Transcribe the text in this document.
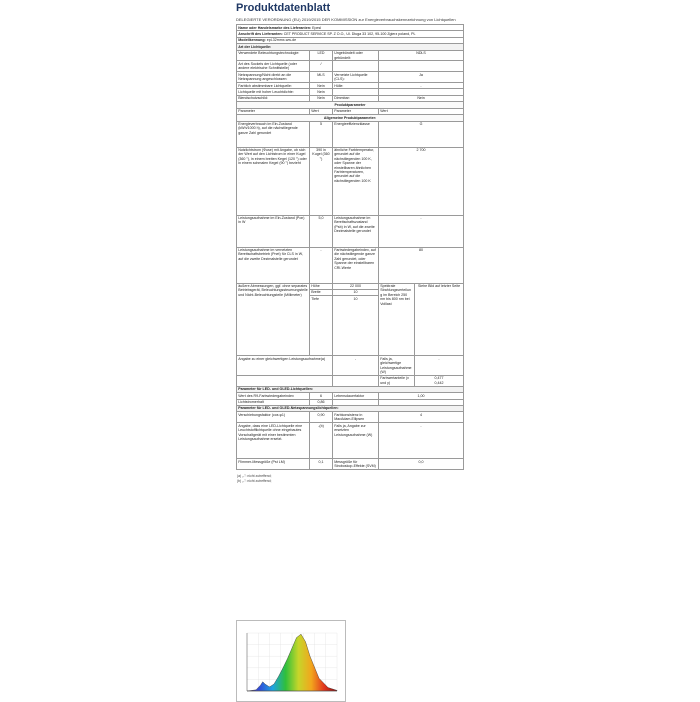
Produktdatenblatt
DELEGIERTE VERORDNUNG (EU) 2019/2015 DER KOMMISSION zur Energieverbrauchskennzeichnung von Lichtquellen
Name oder Handelsmarke des Lieferanten: Epesl				
Anschrift des Lieferanten: CET PRODUCT SERVICE SP. Z O.O., Ul. Dluga 33 102, 95-100 Zgierz poland, PL				
Modellkennung: epl-32mmx-ww-de				
Art der Lichtquelle:				
Verwendete Beleuchtungstechnologie:	LED	Ungebündelt oder gebündelt:	NDLS	
Art des Sockels der Lichtquelle (oder andere elektrische Schnittstelle)	/			
Netzspannung/Nicht direkt an die Netzspannung angeschlossen:	MLS	Vernetzte Lichtquelle (CLS):	Ja	
Farblich abstimmbare Lichtquelle:	Nein	Hülle:	-	
Lichtquelle mit hoher Leuchtdichte:	Nein			
Blendschutzschild:	Nein	Dimmbar:	Nein	
Produktparameter				
Parameter	Wert	Parameter	Wert	
Allgemeine Produktparameter:				
Energieverbrauch im Ein-Zustand (kWh/1000 h), auf die nächstliegende ganze Zahl gerundet	5	Energieeffizienzklasse	G	
Nutzlichtstrom (Φuse) mit Angabe, ob sich der Wert auf den Lichtstrom in einer Kugel (360 °), in einem breiten Kegel (120 °) oder in einem schmalen Kegel (90 °) bezieht	390 in Kugel (360 °)	ähnliche Farbtemperatur, gerundet auf die nächstliegenden 100 K, oder Spanne der einstellbaren ähnlichen Farbtemperaturen, gerundet auf die nächstliegenden 100 K	2 700	
Leistungsaufnahme im Ein-Zustand (Pon) in W	5,0	Leistungsaufnahme im Bereitschaftszustand (Psb) in W, auf die zweite Dezimalstelle gerundet	-	
Leistungsaufnahme im vernetzten Bereitschaftsbetrieb (Pnet) für CLS in W, auf die zweite Dezimalstelle gerundet	-	Farbwiedergabeindex, auf die nächstliegende ganze Zahl gerundet, oder Spanne der einstellbaren CRI-Werte	80	
äußere Abmessungen, ggf. ohne separates Betriebsgerät, Beleuchtungssteuerungsteile und Nicht-Beleuchtungsteile (Millimeter)	Höhe	22 000	Spektrale Strahlungsverteilung im Bereich 250 nm bis 800 nm bei Volllast	Siehe Bild auf letzter Seite
	Breite	10		
	Tiefe	10		
Angabe zu einer gleichwertigen Leistungsaufnahme(a)		-	Falls ja, gleichwertige Leistungsaufnahme (W)	-
			Farbwertanteile (x und y)	0,477
0,442
Parameter für LED- und OLED-Lichtquellen:				
Wert des R9-Farbwiedergabeindex	6	Lebensdauerfaktor	1,00	
Lichtstromerhalt	0,86			
Parameter für LED- und OLED-Netzspannungslichtquellen:				
Verschiebungsfaktor (cos φ1)	0,90	Farbkonsistenz in MacAdam-Ellipsen	4	
Angabe, dass eine LED-Lichtquelle eine Leuchtstofflichtquelle ohne eingebautes Vorschaltgerät mit einer bestimmten Leistungsaufnahme ersetzt.	-(b)	Falls ja, Angabe zur ersetzten Leistungsaufnahme (W)	-	
Flimmer-Messgröße (Pst LM)	0,1	Messgröße für Stroboskop-Effekte (SVM)	0,0	
(a) „-": nicht zutreffend;
(b) „-": nicht zutreffend;
